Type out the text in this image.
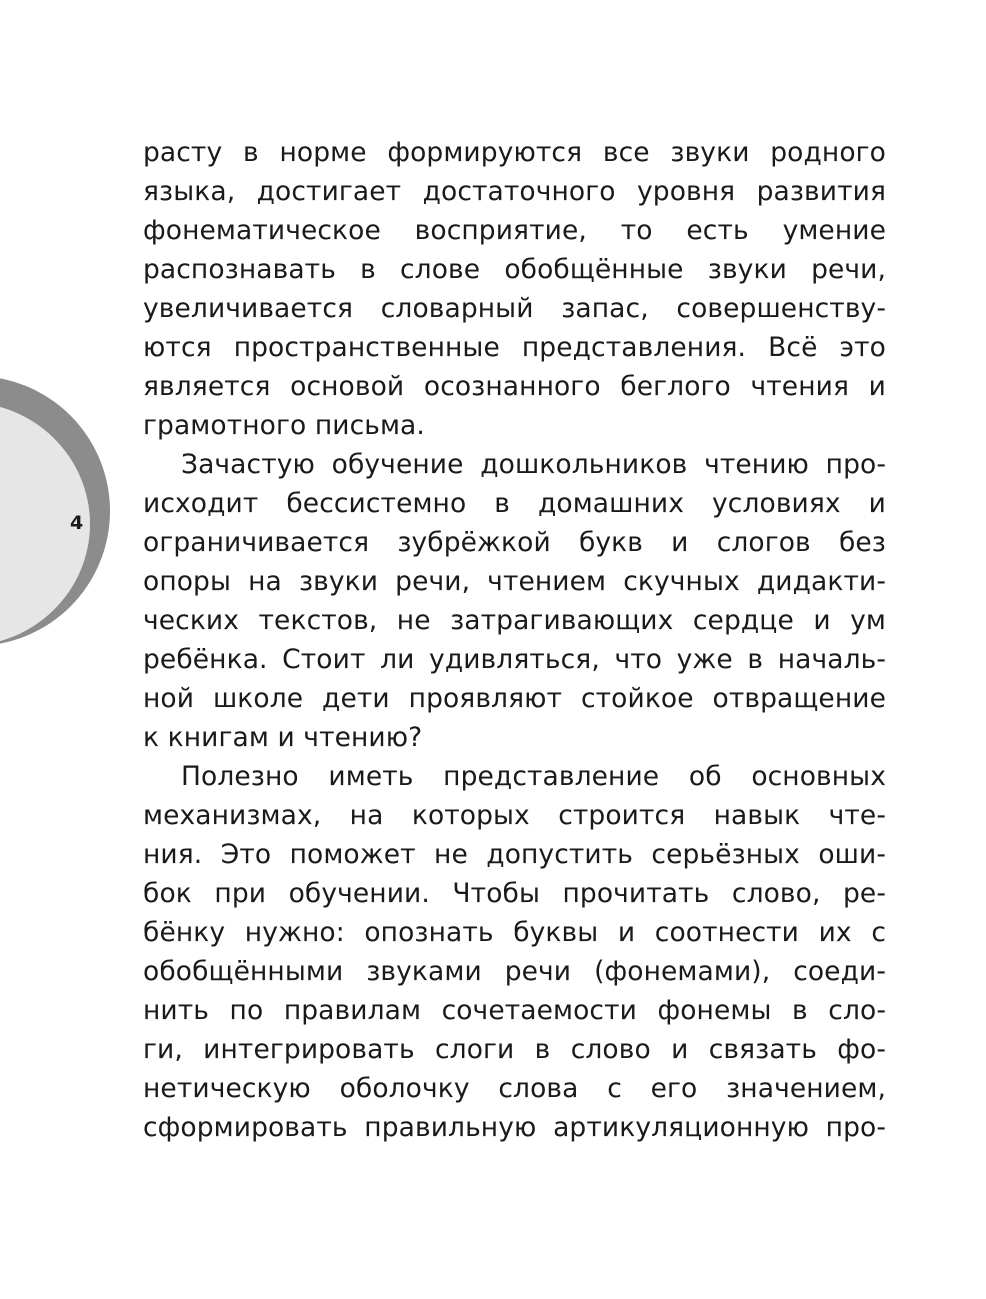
4
расту в норме формируются все звуки родного
языка, достигает достаточного уровня развития
фонематическое восприятие, то есть умение
распознавать в слове обобщённые звуки речи,
увеличивается словарный запас, совершенству-
ются пространственные представления. Всё это
является основой осознанного беглого чтения и
грамотного письма.
Зачастую обучение дошкольников чтению про-
исходит бессистемно в домашних условиях и
ограничивается зубрёжкой букв и слогов без
опоры на звуки речи, чтением скучных дидакти-
ческих текстов, не затрагивающих сердце и ум
ребёнка. Стоит ли удивляться, что уже в началь-
ной школе дети проявляют стойкое отвращение
к книгам и чтению?
Полезно иметь представление об основных
механизмах, на которых строится навык чте-
ния. Это поможет не допустить серьёзных оши-
бок при обучении. Чтобы прочитать слово, ре-
бёнку нужно: опознать буквы и соотнести их с
обобщёнными звуками речи (фонемами), соеди-
нить по правилам сочетаемости фонемы в сло-
ги, интегрировать слоги в слово и связать фо-
нетическую оболочку слова с его значением,
сформировать правильную артикуляционную про-
